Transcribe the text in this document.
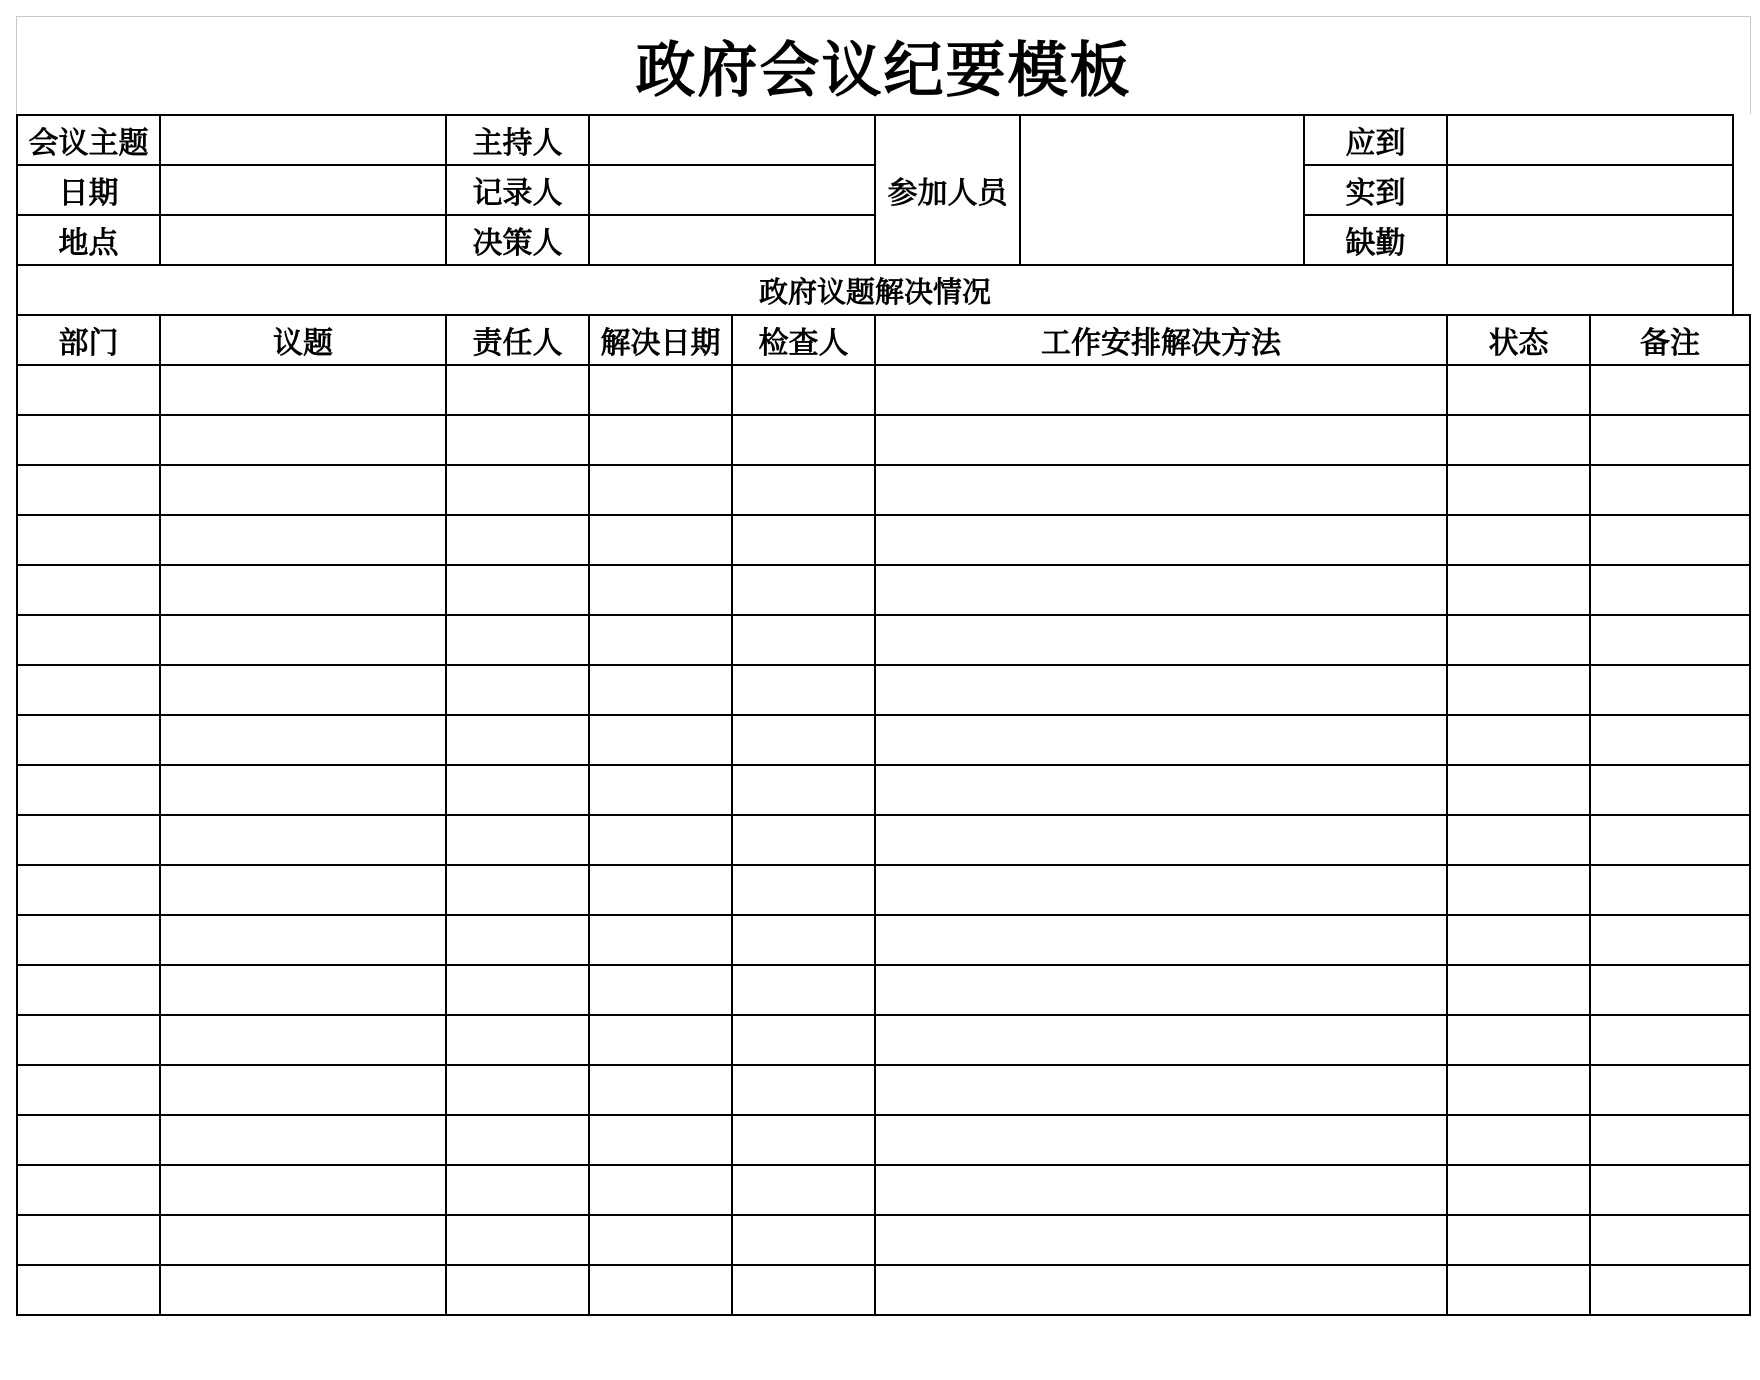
政府会议纪要模板
会议主题		主持人			参加人员	应到		
日期		记录人				实到		
地点		决策人				缺勤		
政府议题解决情况								
部门	议题	责任人	解决日期	检查人	工作安排解决方法		状态	备注
